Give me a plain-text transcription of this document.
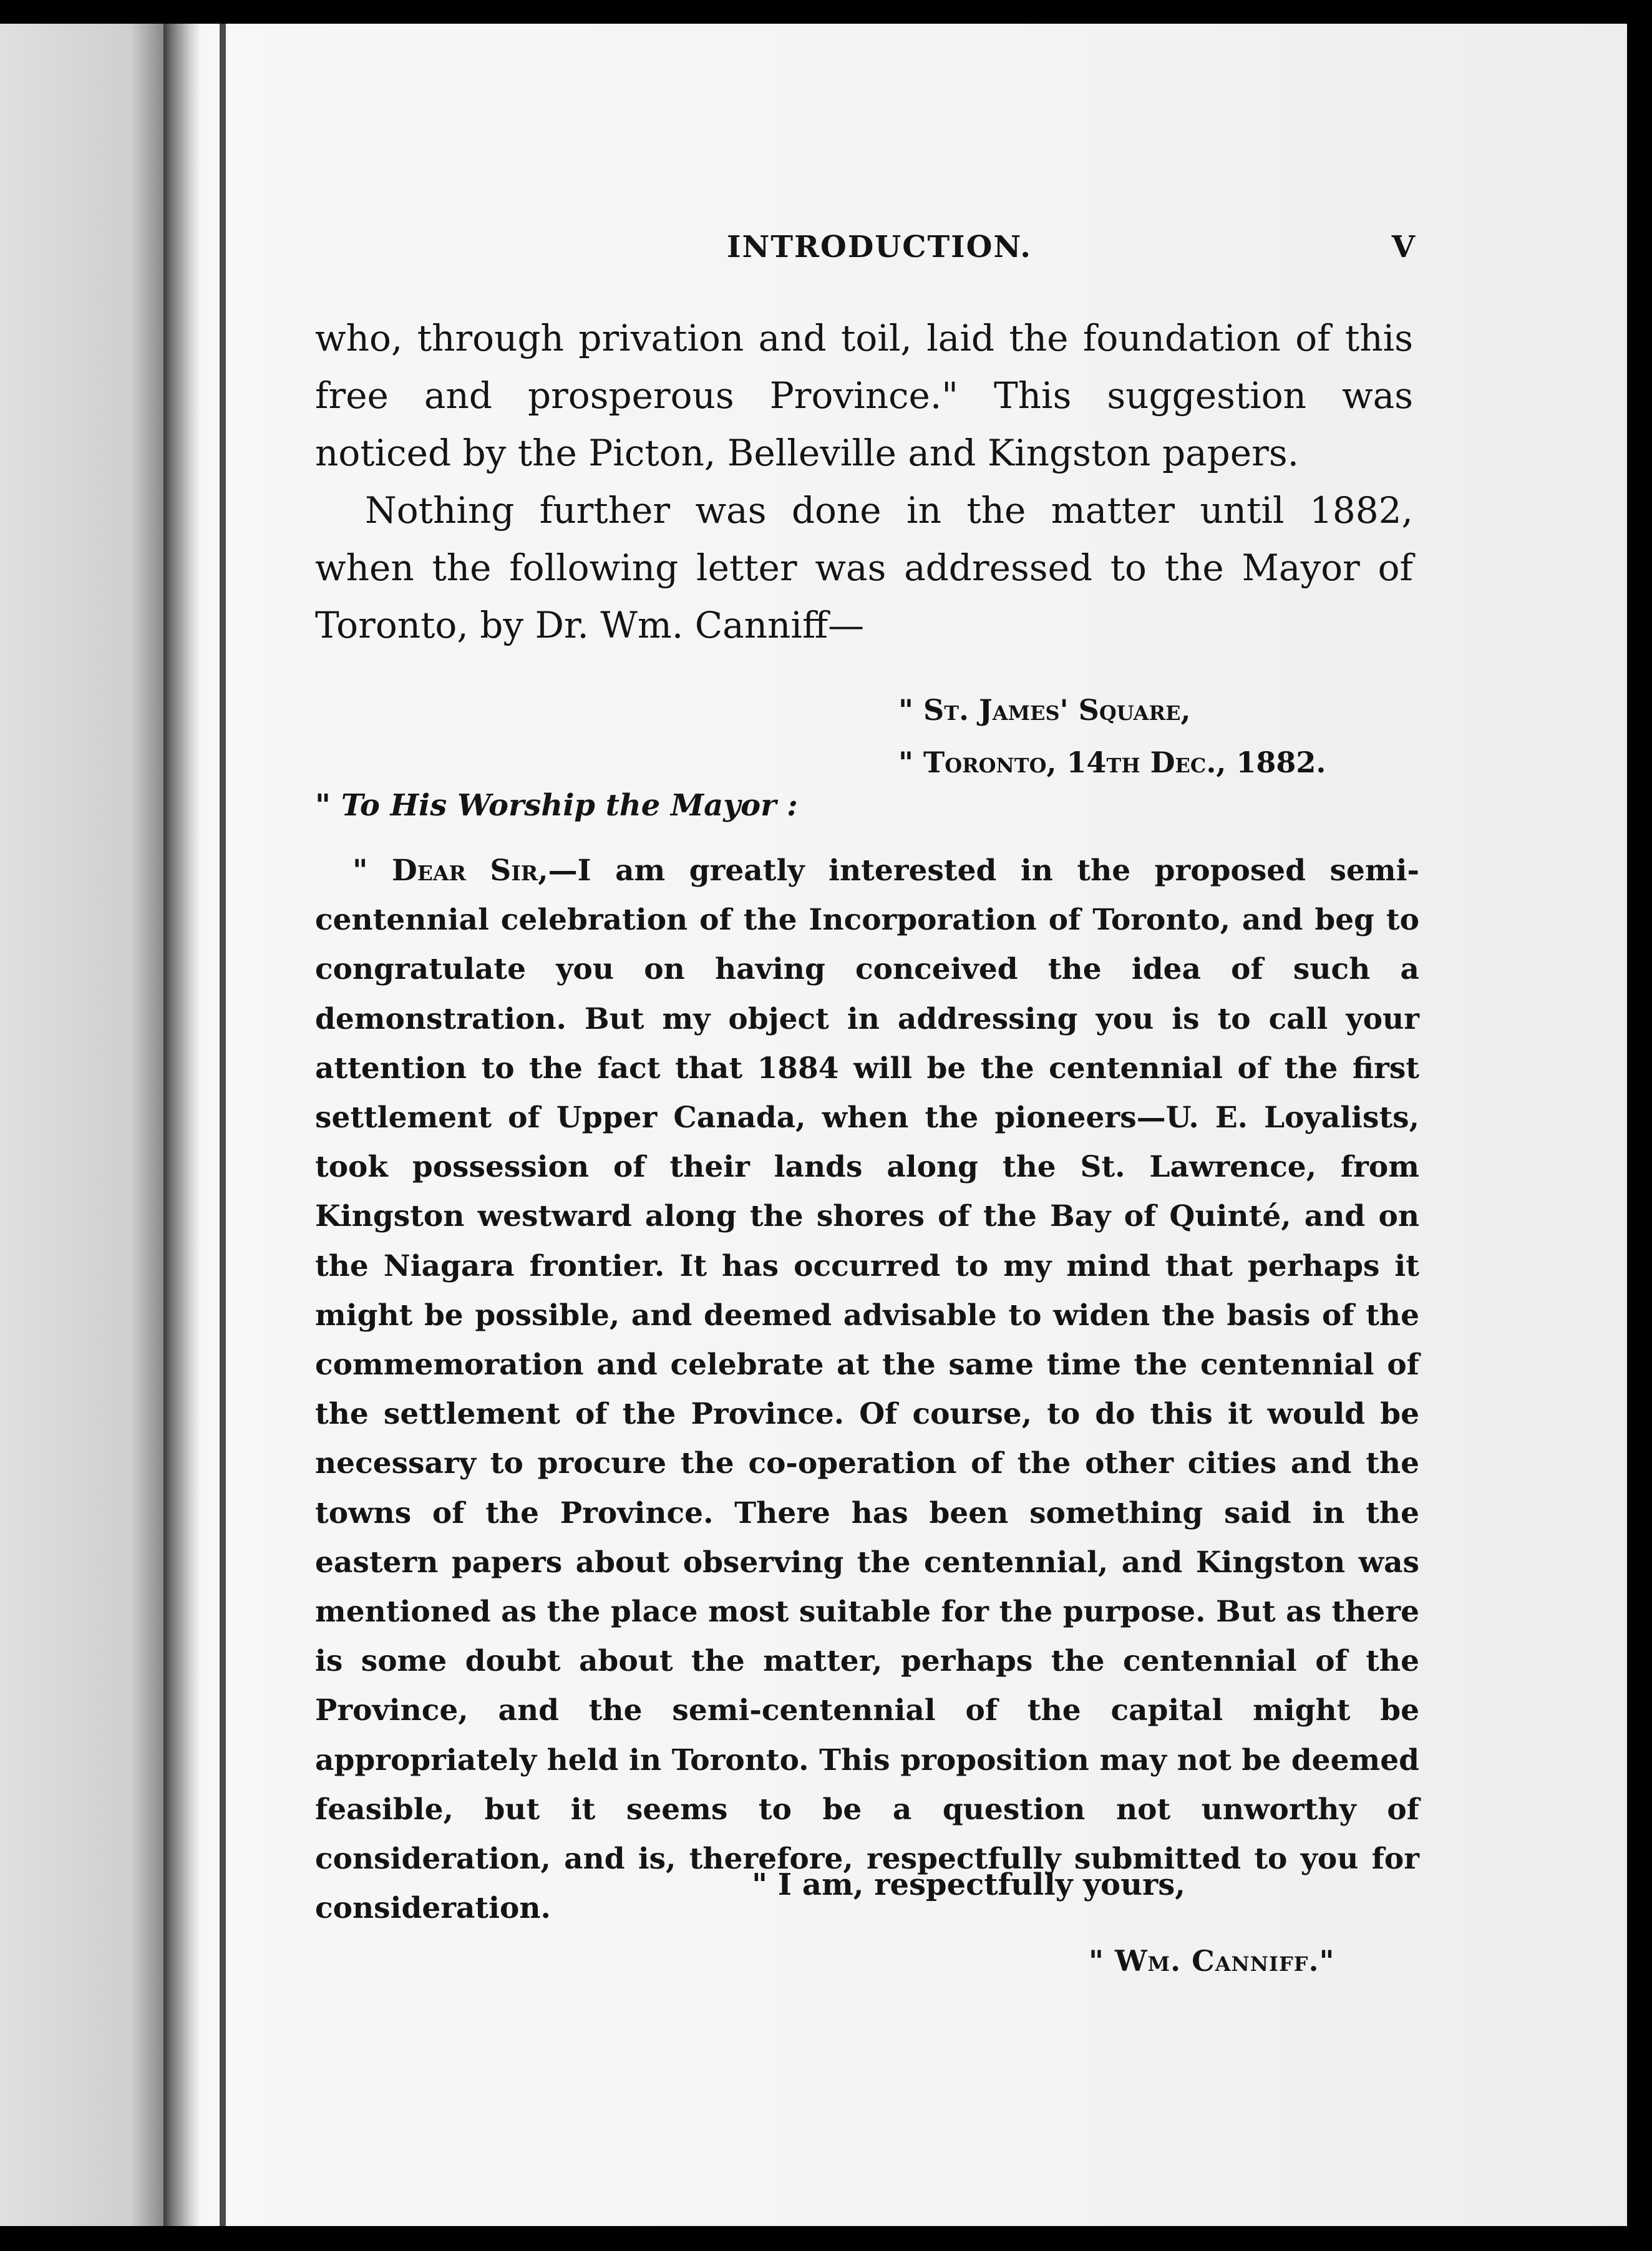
INTRODUCTION.	V

who, through privation and toil, laid the foundation of this free and prosperous Province." This suggestion was noticed by the Picton, Belleville and Kingston papers.

Nothing further was done in the matter until 1882, when the following letter was addressed to the Mayor of Toronto, by Dr. Wm. Canniff—

" St. James' Square,
" Toronto, 14th Dec., 1882.
" To His Worship the Mayor :

" Dear Sir,—I am greatly interested in the proposed semi-centennial celebration of the Incorporation of Toronto, and beg to congratulate you on having conceived the idea of such a demonstration. But my object in addressing you is to call your attention to the fact that 1884 will be the centennial of the first settlement of Upper Canada, when the pioneers—U. E. Loyalists, took possession of their lands along the St. Lawrence, from Kingston westward along the shores of the Bay of Quinté, and on the Niagara frontier. It has occurred to my mind that perhaps it might be possible, and deemed advisable to widen the basis of the commemoration and celebrate at the same time the centennial of the settlement of the Province. Of course, to do this it would be necessary to procure the co-operation of the other cities and the towns of the Province. There has been something said in the eastern papers about observing the centennial, and Kingston was mentioned as the place most suitable for the purpose. But as there is some doubt about the matter, perhaps the centennial of the Province, and the semi-centennial of the capital might be appropriately held in Toronto. This proposition may not be deemed feasible, but it seems to be a question not unworthy of consideration, and is, therefore, respectfully submitted to you for consideration.

" I am, respectfully yours,
" Wm. Canniff."
